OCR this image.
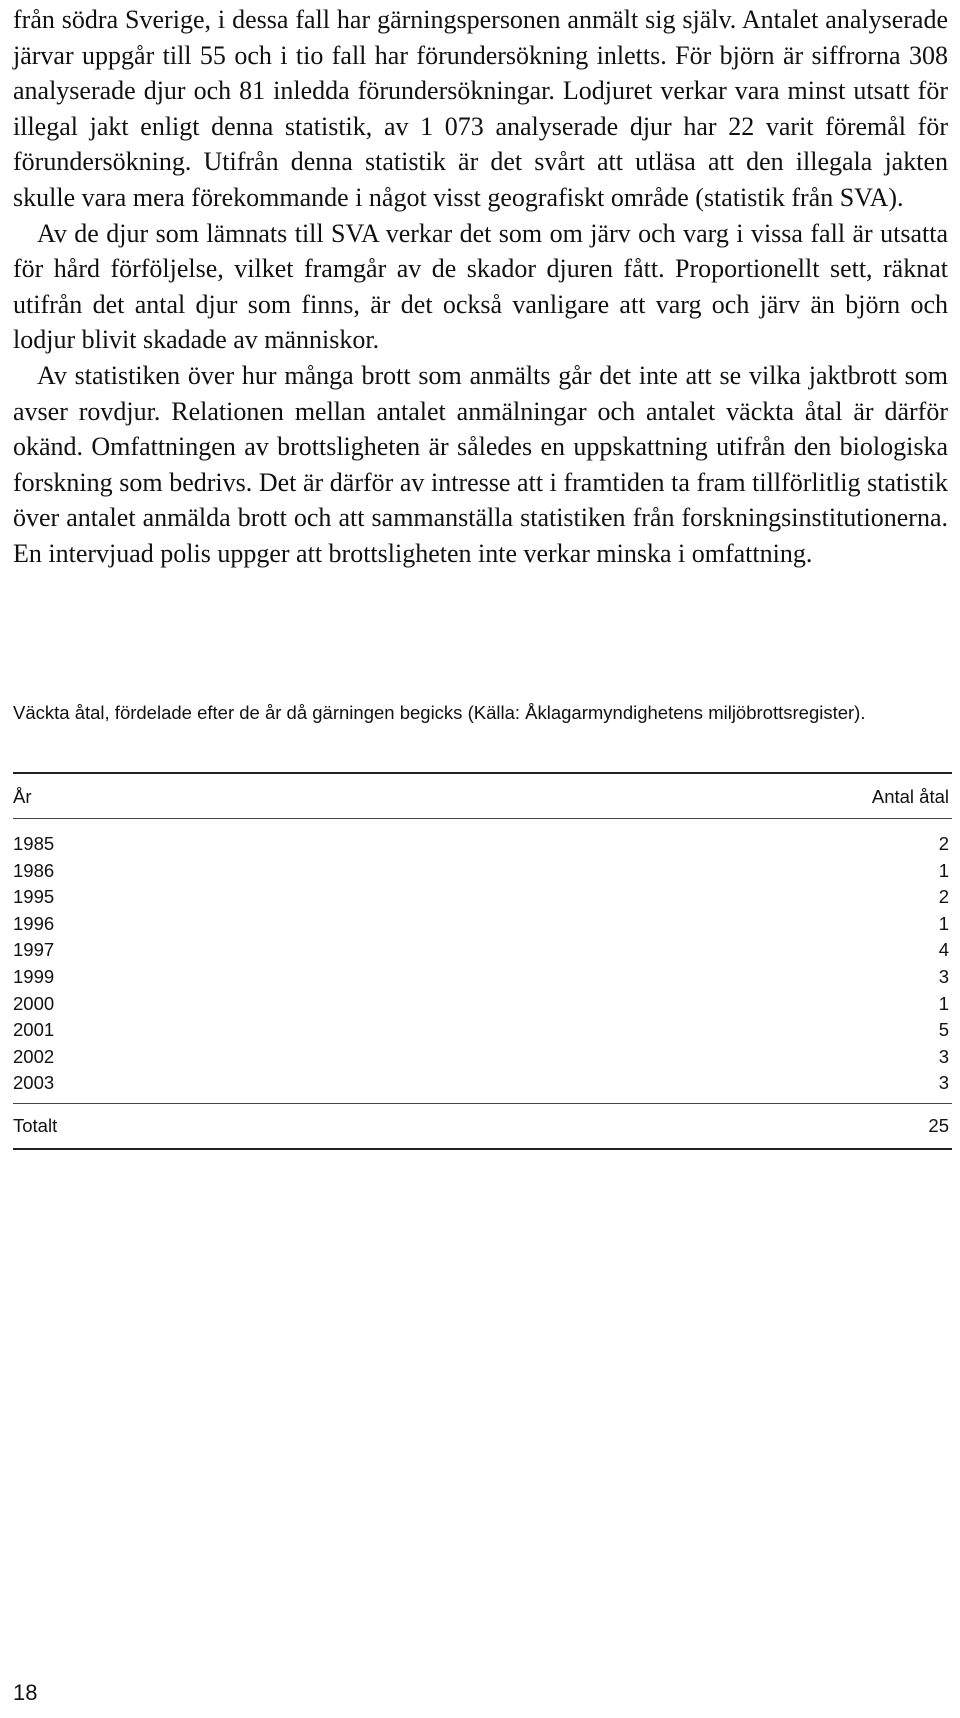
från södra Sverige, i dessa fall har gärningspersonen anmält sig själv. Antalet analyserade järvar uppgår till 55 och i tio fall har förundersökning inletts. För björn är siffrorna 308 analyserade djur och 81 inledda förundersökningar. Lodjuret verkar vara minst utsatt för illegal jakt enligt denna statistik, av 1 073 analyserade djur har 22 varit föremål för förundersökning. Utifrån denna statistik är det svårt att utläsa att den illegala jakten skulle vara mera förekommande i något visst geografiskt område (statistik från SVA).

Av de djur som lämnats till SVA verkar det som om järv och varg i vissa fall är utsatta för hård förföljelse, vilket framgår av de skador djuren fått. Proportionellt sett, räknat utifrån det antal djur som finns, är det också vanligare att varg och järv än björn och lodjur blivit skadade av människor.

Av statistiken över hur många brott som anmälts går det inte att se vilka jaktbrott som avser rovdjur. Relationen mellan antalet anmälningar och antalet väckta åtal är därför okänd. Omfattningen av brottsligheten är således en uppskattning utifrån den biologiska forskning som bedrivs. Det är därför av intresse att i framtiden ta fram tillförlitlig statistik över antalet anmälda brott och att sammanställa statistiken från forskningsinstitutionerna. En intervjuad polis uppger att brottsligheten inte verkar minska i omfattning.

Väckta åtal, fördelade efter de år då gärningen begicks (Källa: Åklagarmyndighetens miljöbrottsregister).

År	Antal åtal
1985	2
1986	1
1995	2
1996	1
1997	4
1999	3
2000	1
2001	5
2002	3
2003	3
Totalt	25
18
